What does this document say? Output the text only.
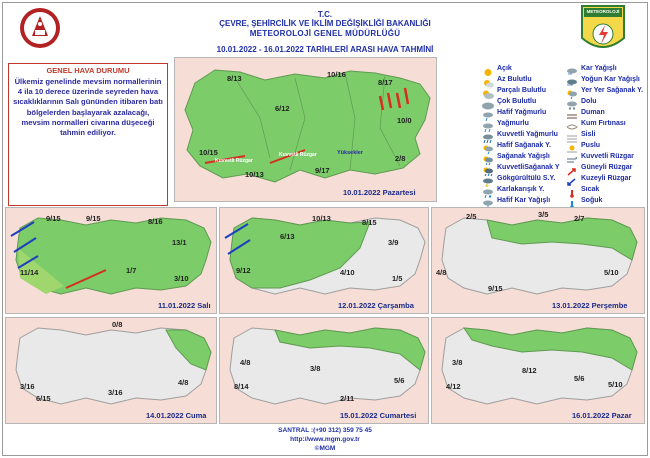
METEOROLOJİ
T.C.
ÇEVRE, ŞEHİRCİLİK VE İKLİM DEĞİŞİKLİĞİ BAKANLIĞI
METEOROLOJİ GENEL MÜDÜRLÜĞÜ
10.01.2022 - 16.01.2022 TARİHLERİ ARASI HAVA TAHMİNİ
GENEL HAVA DURUMU
Ülkemiz genelinde mevsim normallerinin 4 ila 10 derece üzerinde seyreden hava sıcaklıklarının Salı gününden itibaren batı bölgelerden başlayarak azalacağı, mevsim normalleri civarına düşeceği tahmin ediliyor.
8/13	10/16
8/17
6/12
10/0
10/15
10/13	9/17
2/8
Yüksekler
Kuvvetli Rüzgar
Kuvvetli Rüzgar
10.01.2022 Pazartesi
Açık
Az Bulutlu
Parçalı Bulutlu
Çok Bulutlu
Hafif Yağmurlu
Yağmurlu
Kuvvetli Yağmurlu
Hafif Sağanak Y.
Sağanak Yağışlı
KuvvetliSağanak Y
Gökgürültülü S.Y.
Karlakarışık Y.
Hafif Kar Yağışlı
**
Kar Yağışlı
***
Yoğun Kar Yağışlı
Yer Yer Sağanak Y.
Dolu
Duman
Kum Fırtınası
Sisli
Puslu
Kuvvetli Rüzgar
Güneyli Rüzgar
Kuzeyli Rüzgar
Sıcak
Soğuk
9/15	9/15	8/16
13/1
11/14	1/7
3/10
11.01.2022 Salı
10/13	8/15
6/13
3/9
9/12	4/10
1/5
12.01.2022 Çarşamba
2/5	3/5	2/7
4/8	5/10
9/15
13.01.2022 Perşembe
0/8
3/16
6/15
3/16
4/8
14.01.2022 Cuma
4/8
8/14
3/8
2/11
5/6
15.01.2022 Cumartesi
3/8
4/12
8/12
5/6
5/10
16.01.2022 Pazar
SANTRAL :(+90 312) 359 75 45
http://www.mgm.gov.tr
©MGM
